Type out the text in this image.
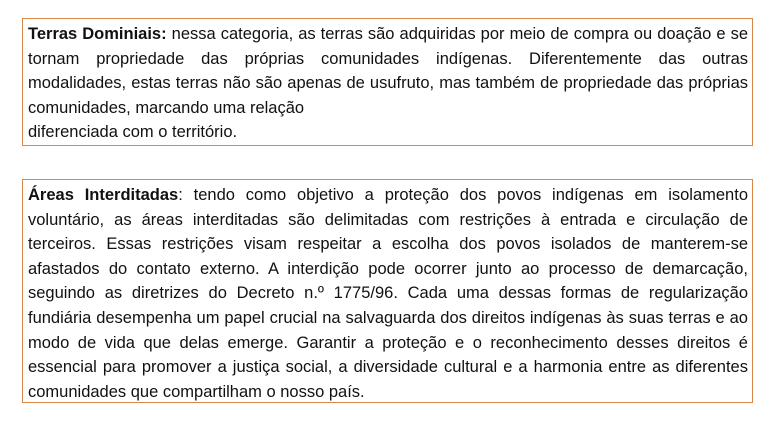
Terras Dominiais: nessa categoria, as terras são adquiridas por meio de compra ou doação e se tornam propriedade das próprias comunidades indígenas. Diferentemente das outras modalidades, estas terras não são apenas de usufruto, mas também de propriedade das próprias comunidades, marcando uma relação

diferenciada com o território.

Áreas Interditadas: tendo como objetivo a proteção dos povos indígenas em isolamento voluntário, as áreas interditadas são delimitadas com restrições à entrada e circulação de terceiros. Essas restrições visam respeitar a escolha dos povos isolados de manterem-se afastados do contato externo. A interdição pode ocorrer junto ao processo de demarcação, seguindo as diretrizes do Decreto n.º 1775/96. Cada uma dessas formas de regularização fundiária desempenha um papel crucial na salvaguarda dos direitos indígenas às suas terras e ao modo de vida que delas emerge. Garantir a proteção e o reconhecimento desses direitos é essencial para promover a justiça social, a diversidade cultural e a harmonia entre as diferentes comunidades que compartilham o nosso país.
